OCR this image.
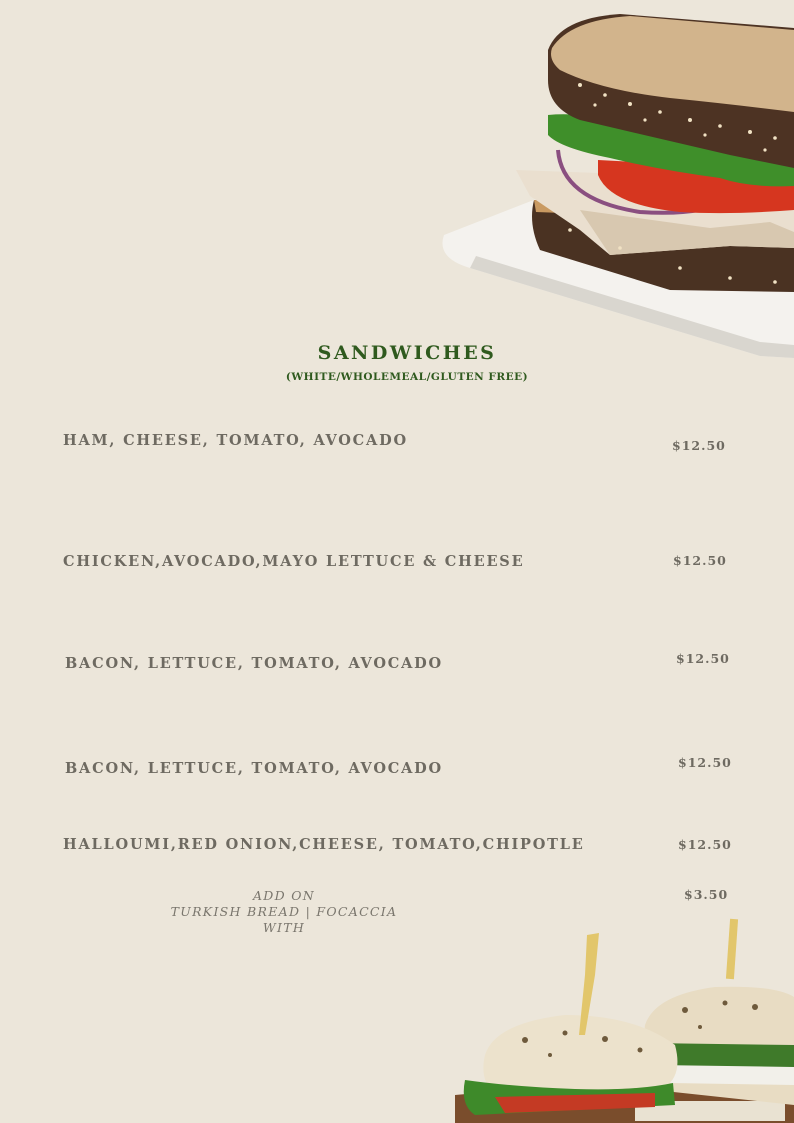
SANDWICHES
(WHITE/WHOLEMEAL/GLUTEN FREE)
HAM, CHEESE, TOMATO, AVOCADO	$12.50
CHICKEN,AVOCADO,MAYO LETTUCE & CHEESE	$12.50
BACON, LETTUCE, TOMATO, AVOCADO	$12.50
BACON, LETTUCE, TOMATO, AVOCADO	$12.50
HALLOUMI,RED ONION,CHEESE, TOMATO,CHIPOTLE	$12.50
ADD ON
TURKISH BREAD | FOCACCIA WITH
$3.50
